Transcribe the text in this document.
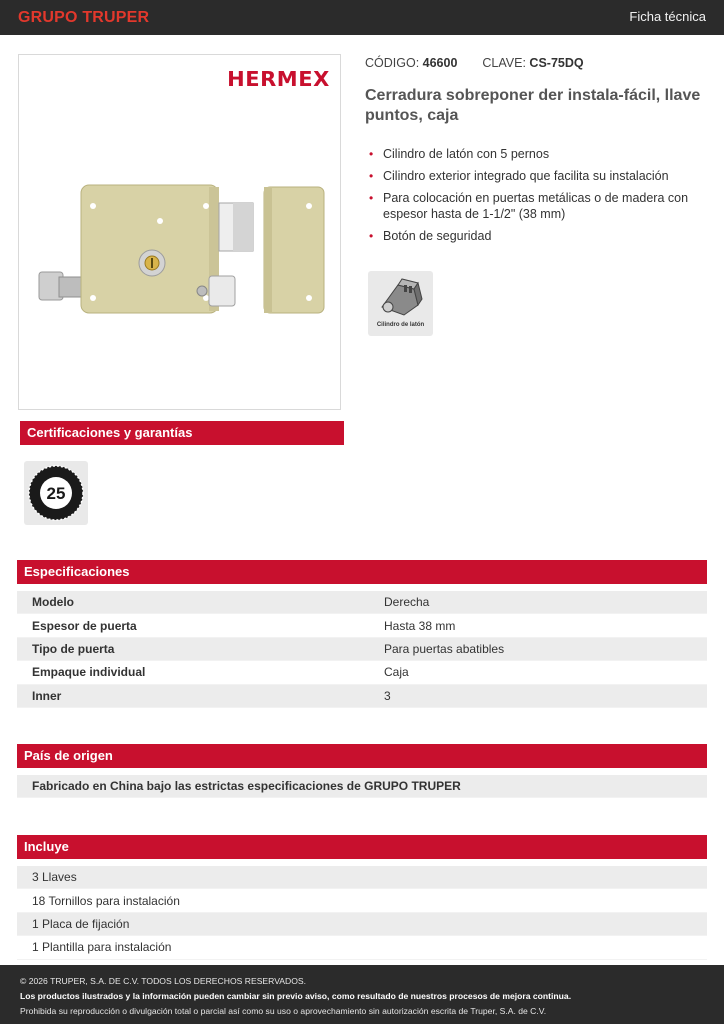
GRUPO TRUPER	Ficha técnica
HERMEX
CÓDIGO: 46600 CLAVE: CS-75DQ
Cerradura sobreponer der instala-fácil, llave puntos, caja
• Cilindro de latón con 5 pernos
• Cilindro exterior integrado que facilita su instalación
• Para colocación en puertas metálicas o de madera con espesor hasta de 1-1/2" (38 mm)
• Botón de seguridad
Cilindro de latón
Certificaciones y garantías
25
Especificaciones
Modelo	Derecha
Espesor de puerta	Hasta 38 mm
Tipo de puerta	Para puertas abatibles
Empaque individual	Caja
Inner	3
País de origen
Fabricado en China bajo las estrictas especificaciones de GRUPO TRUPER
Incluye
3 Llaves
18 Tornillos para instalación
1 Placa de fijación
1 Plantilla para instalación
© 2026 TRUPER, S.A. DE C.V. TODOS LOS DERECHOS RESERVADOS.
Los productos ilustrados y la información pueden cambiar sin previo aviso, como resultado de nuestros procesos de mejora continua.
Prohibida su reproducción o divulgación total o parcial así como su uso o aprovechamiento sin autorización escrita de Truper, S.A. de C.V.
